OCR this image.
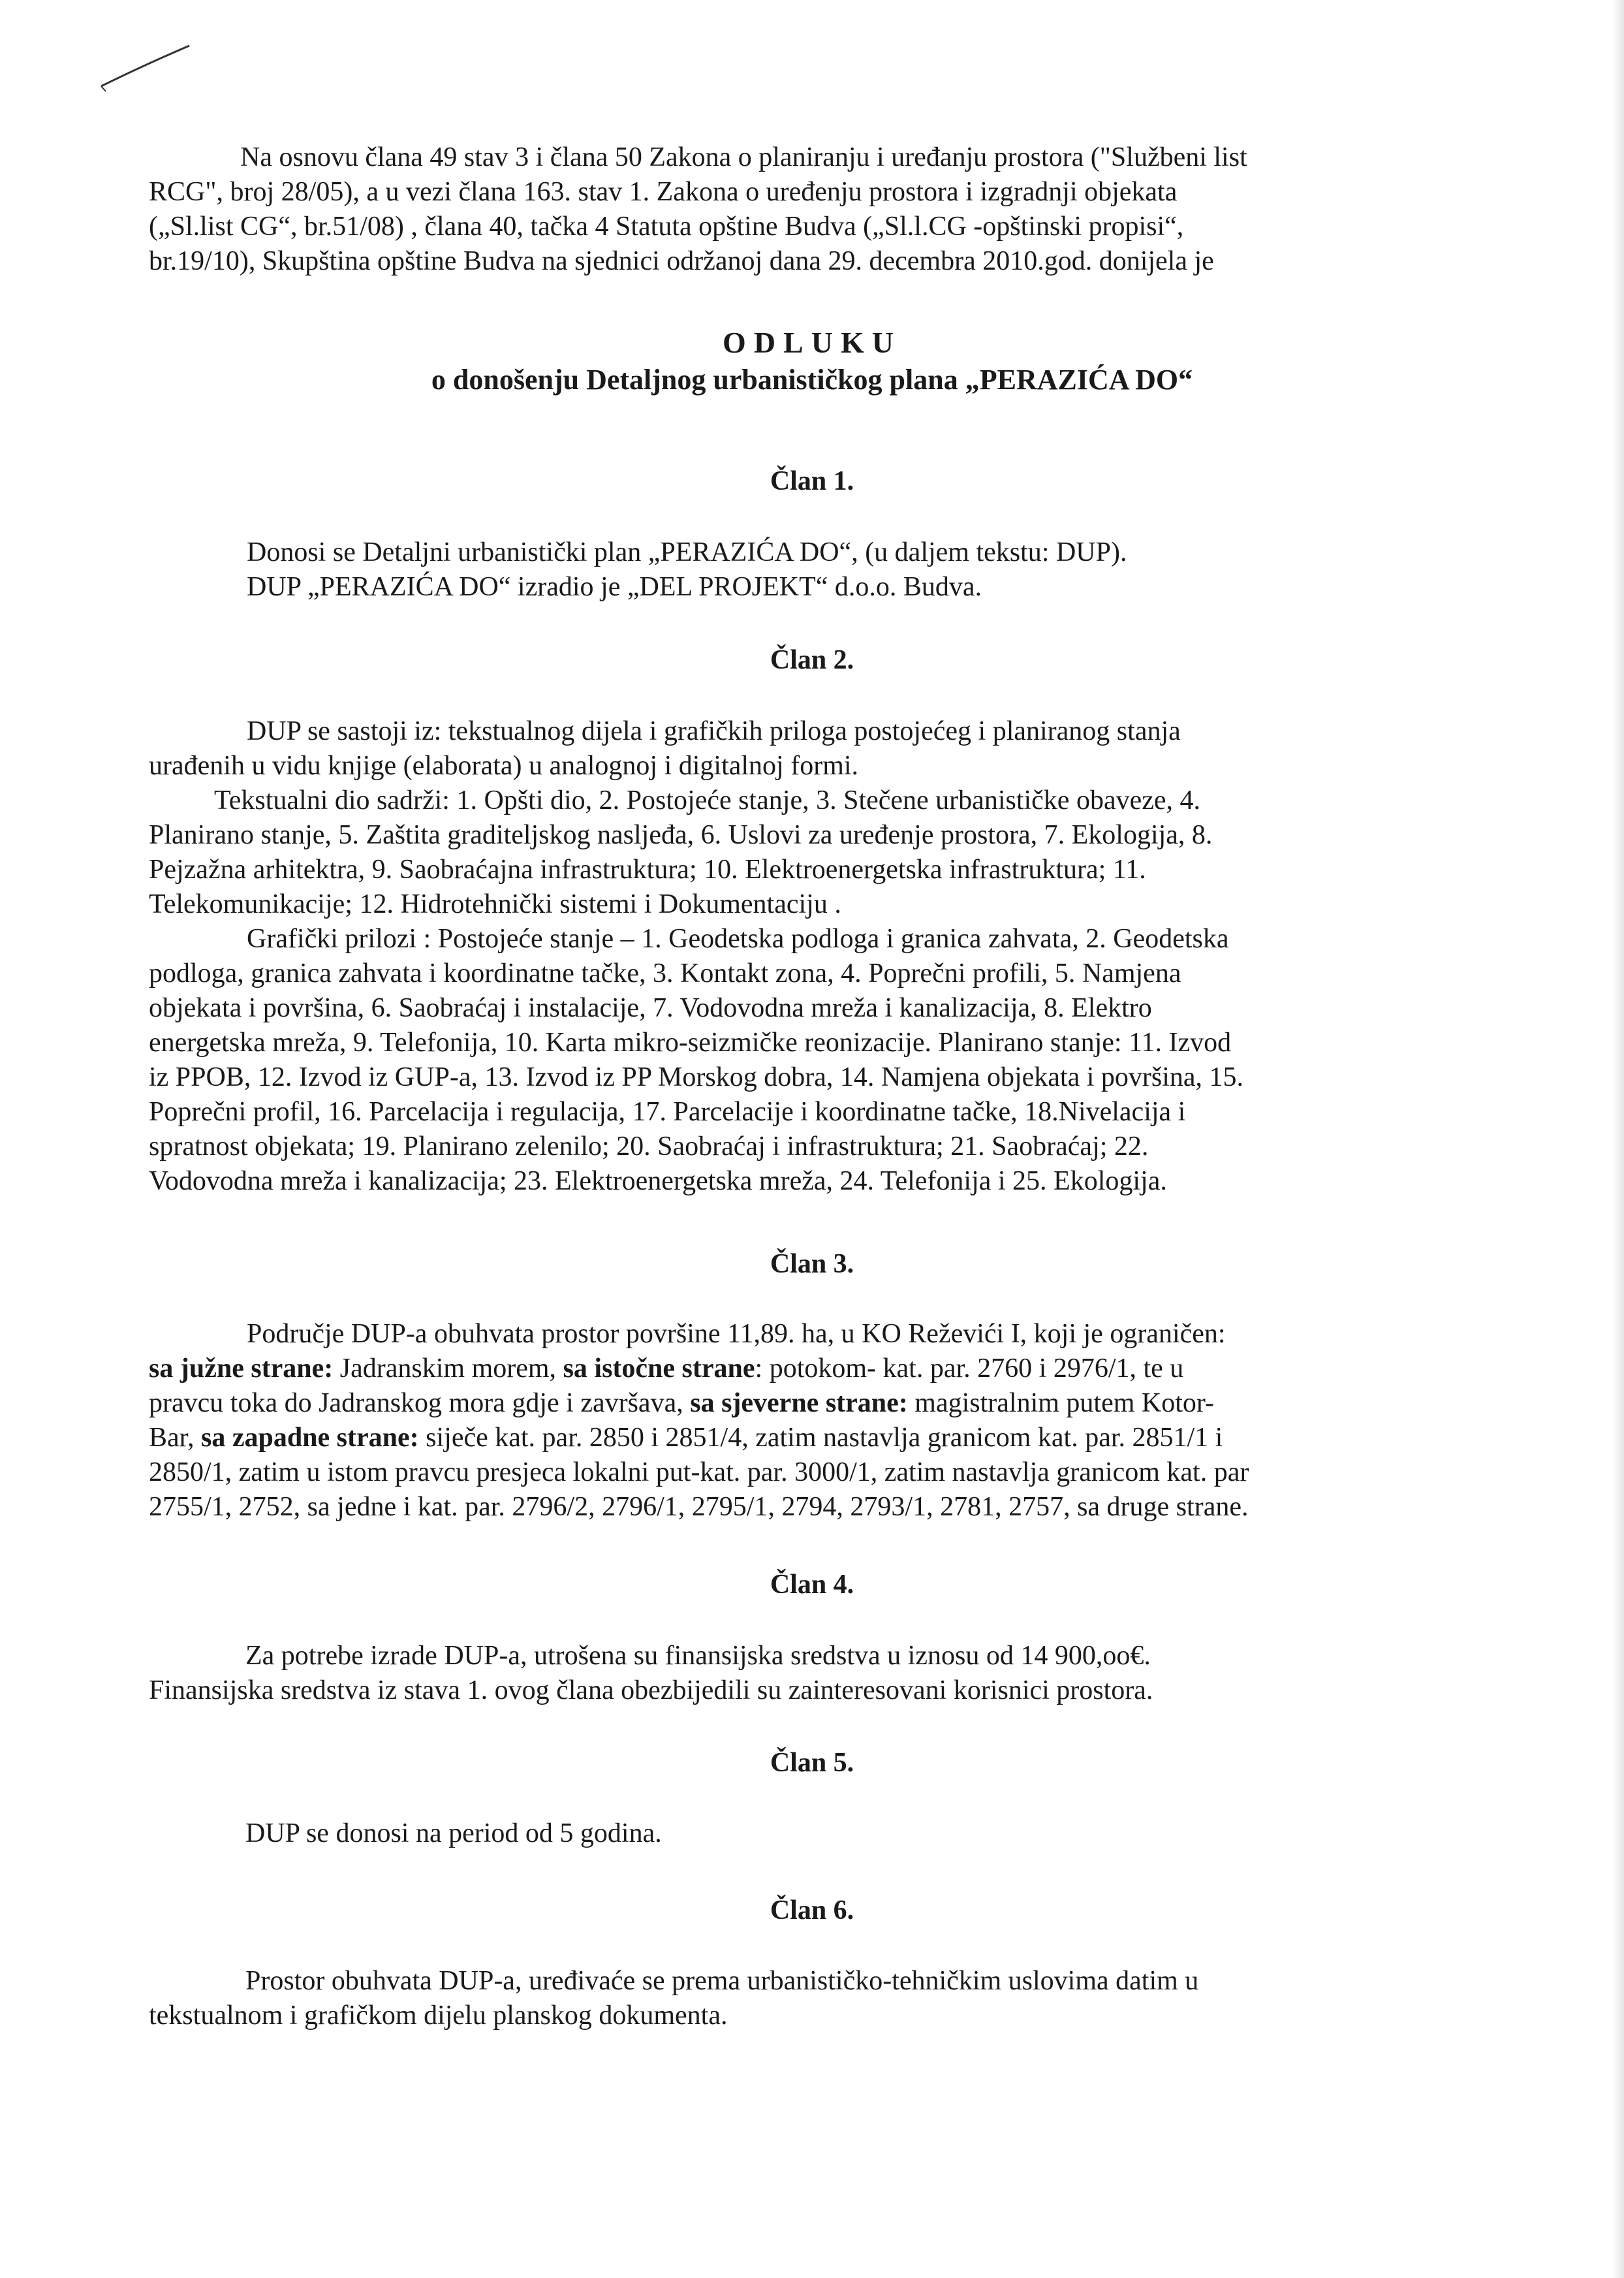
Na osnovu člana 49 stav 3 i člana 50 Zakona o planiranju i uređanju prostora ("Službeni list
RCG", broj 28/05), a u vezi člana 163. stav 1. Zakona o uređenju prostora i izgradnji objekata
(„Sl.list CG“, br.51/08) , člana 40, tačka 4 Statuta opštine Budva („Sl.l.CG -opštinski propisi“,
br.19/10), Skupština opštine Budva na sjednici održanoj dana 29. decembra 2010.god. donijela je
ODLUKU
o donošenju Detaljnog urbanističkog plana „PERAZIĆA DO“
Član 1.
Donosi se Detaljni urbanistički plan „PERAZIĆA DO“, (u daljem tekstu: DUP).
DUP „PERAZIĆA DO“ izradio je „DEL PROJEKT“ d.o.o. Budva.
Član 2.
DUP se sastoji iz: tekstualnog dijela i grafičkih priloga postojećeg i planiranog stanja
urađenih u vidu knjige (elaborata) u analognoj i digitalnoj formi.
Tekstualni dio sadrži: 1. Opšti dio, 2. Postojeće stanje, 3. Stečene urbanističke obaveze, 4.
Planirano stanje, 5. Zaštita graditeljskog nasljeđa, 6. Uslovi za uređenje prostora, 7. Ekologija, 8.
Pejzažna arhitektra, 9. Saobraćajna infrastruktura; 10. Elektroenergetska infrastruktura; 11.
Telekomunikacije; 12. Hidrotehnički sistemi i Dokumentaciju .
Grafički prilozi : Postojeće stanje – 1. Geodetska podloga i granica zahvata, 2. Geodetska
podloga, granica zahvata i koordinatne tačke, 3. Kontakt zona, 4. Poprečni profili, 5. Namjena
objekata i površina, 6. Saobraćaj i instalacije, 7. Vodovodna mreža i kanalizacija, 8. Elektro
energetska mreža, 9. Telefonija, 10. Karta mikro-seizmičke reonizacije. Planirano stanje: 11. Izvod
iz PPOB, 12. Izvod iz GUP-a, 13. Izvod iz PP Morskog dobra, 14. Namjena objekata i površina, 15.
Poprečni profil, 16. Parcelacija i regulacija, 17. Parcelacije i koordinatne tačke, 18.Nivelacija i
spratnost objekata; 19. Planirano zelenilo; 20. Saobraćaj i infrastruktura; 21. Saobraćaj; 22.
Vodovodna mreža i kanalizacija; 23. Elektroenergetska mreža, 24. Telefonija i 25. Ekologija.
Član 3.
Područje DUP-a obuhvata prostor površine 11,89. ha, u KO Reževići I, koji je ograničen:
sa južne strane: Jadranskim morem, sa istočne strane: potokom- kat. par. 2760 i 2976/1, te u
pravcu toka do Jadranskog mora gdje i završava, sa sjeverne strane: magistralnim putem Kotor-
Bar, sa zapadne strane: siječe kat. par. 2850 i 2851/4, zatim nastavlja granicom kat. par. 2851/1 i
2850/1, zatim u istom pravcu presjeca lokalni put-kat. par. 3000/1, zatim nastavlja granicom kat. par
2755/1, 2752, sa jedne i kat. par. 2796/2, 2796/1, 2795/1, 2794, 2793/1, 2781, 2757, sa druge strane.
Član 4.
Za potrebe izrade DUP-a, utrošena su finansijska sredstva u iznosu od 14 900,oo€.
Finansijska sredstva iz stava 1. ovog člana obezbijedili su zainteresovani korisnici prostora.
Član 5.
DUP se donosi na period od 5 godina.
Član 6.
Prostor obuhvata DUP-a, uređivaće se prema urbanističko-tehničkim uslovima datim u
tekstualnom i grafičkom dijelu planskog dokumenta.
